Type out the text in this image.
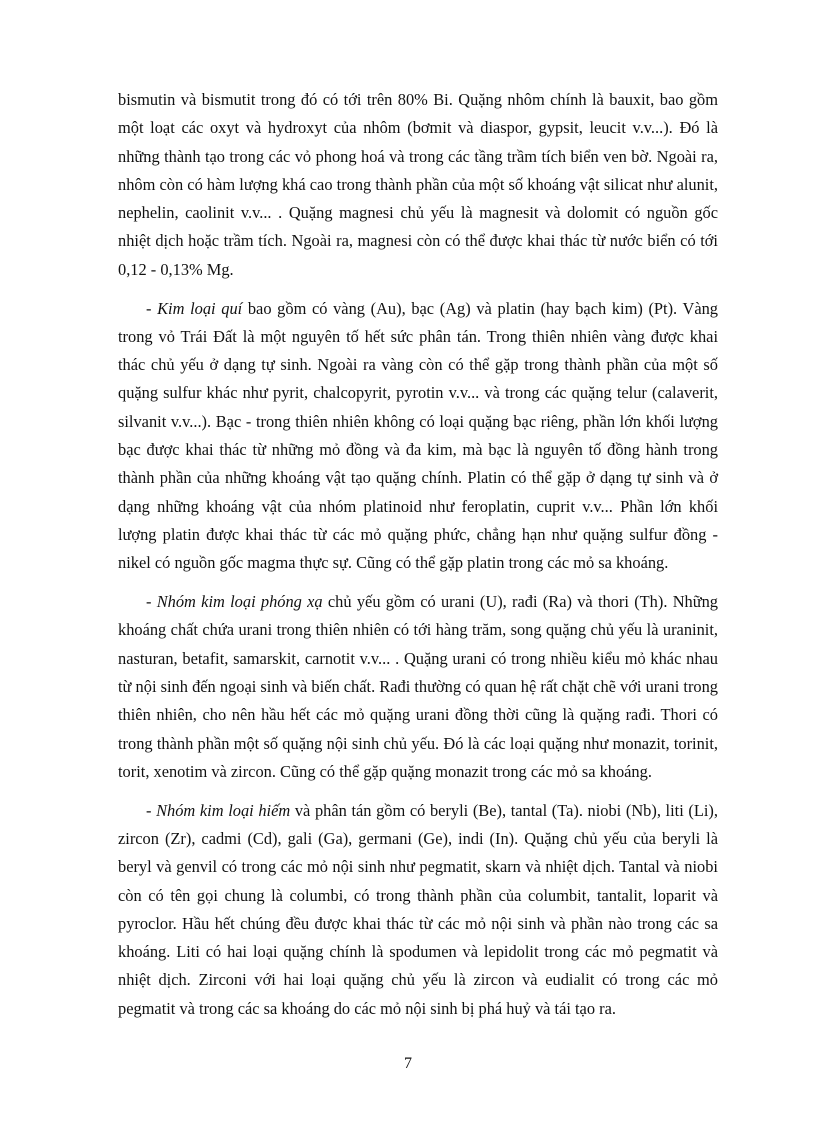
bismutin và bismutit trong đó có tới trên 80% Bi. Quặng nhôm chính là bauxit, bao gồm một loạt các oxyt và hydroxyt của nhôm (bơmit và diaspor, gypsit, leucit v.v...). Đó là những thành tạo trong các vỏ phong hoá và trong các tầng trầm tích biển ven bờ. Ngoài ra, nhôm còn có hàm lượng khá cao trong thành phần của một số khoáng vật silicat như alunit, nephelin, caolinit v.v... . Quặng magnesi chủ yếu là magnesit và dolomit có nguồn gốc nhiệt dịch hoặc trầm tích. Ngoài ra, magnesi còn có thể được khai thác từ nước biển có tới 0,12 - 0,13% Mg.

- Kim loại quí bao gồm có vàng (Au), bạc (Ag) và platin (hay bạch kim) (Pt). Vàng trong vỏ Trái Đất là một nguyên tố hết sức phân tán. Trong thiên nhiên vàng được khai thác chủ yếu ở dạng tự sinh. Ngoài ra vàng còn có thể gặp trong thành phần của một số quặng sulfur khác như pyrit, chalcopyrit, pyrotin v.v... và trong các quặng telur (calaverit, silvanit v.v...). Bạc - trong thiên nhiên không có loại quặng bạc riêng, phần lớn khối lượng bạc được khai thác từ những mỏ đồng và đa kim, mà bạc là nguyên tố đồng hành trong thành phần của những khoáng vật tạo quặng chính. Platin có thể gặp ở dạng tự sinh và ở dạng những khoáng vật của nhóm platinoid như feroplatin, cuprit v.v... Phần lớn khối lượng platin được khai thác từ các mỏ quặng phức, chẳng hạn như quặng sulfur đồng - nikel có nguồn gốc magma thực sự. Cũng có thể gặp platin trong các mỏ sa khoáng.

- Nhóm kim loại phóng xạ chủ yếu gồm có urani (U), rađi (Ra) và thori (Th). Những khoáng chất chứa urani trong thiên nhiên có tới hàng trăm, song quặng chủ yếu là uraninit, nasturan, betafit, samarskit, carnotit v.v... . Quặng urani có trong nhiều kiểu mỏ khác nhau từ nội sinh đến ngoại sinh và biến chất. Rađi thường có quan hệ rất chặt chẽ với urani trong thiên nhiên, cho nên hầu hết các mỏ quặng urani đồng thời cũng là quặng rađi. Thori có trong thành phần một số quặng nội sinh chủ yếu. Đó là các loại quặng như monazit, torinit, torit, xenotim và zircon. Cũng có thể gặp quặng monazit trong các mỏ sa khoáng.

- Nhóm kim loại hiếm và phân tán gồm có beryli (Be), tantal (Ta). niobi (Nb), liti (Li), zircon (Zr), cadmi (Cd), gali (Ga), germani (Ge), indi (In). Quặng chủ yếu của beryli là beryl và genvil có trong các mỏ nội sinh như pegmatit, skarn và nhiệt dịch. Tantal và niobi còn có tên gọi chung là columbi, có trong thành phần của columbit, tantalit, loparit và pyroclor. Hầu hết chúng đều được khai thác từ các mỏ nội sinh và phần nào trong các sa khoáng. Liti có hai loại quặng chính là spodumen và lepidolit trong các mỏ pegmatit và nhiệt dịch. Zirconi với hai loại quặng chủ yếu là zircon và eudialit có trong các mỏ pegmatit và trong các sa khoáng do các mỏ nội sinh bị phá huỷ và tái tạo ra.

7
